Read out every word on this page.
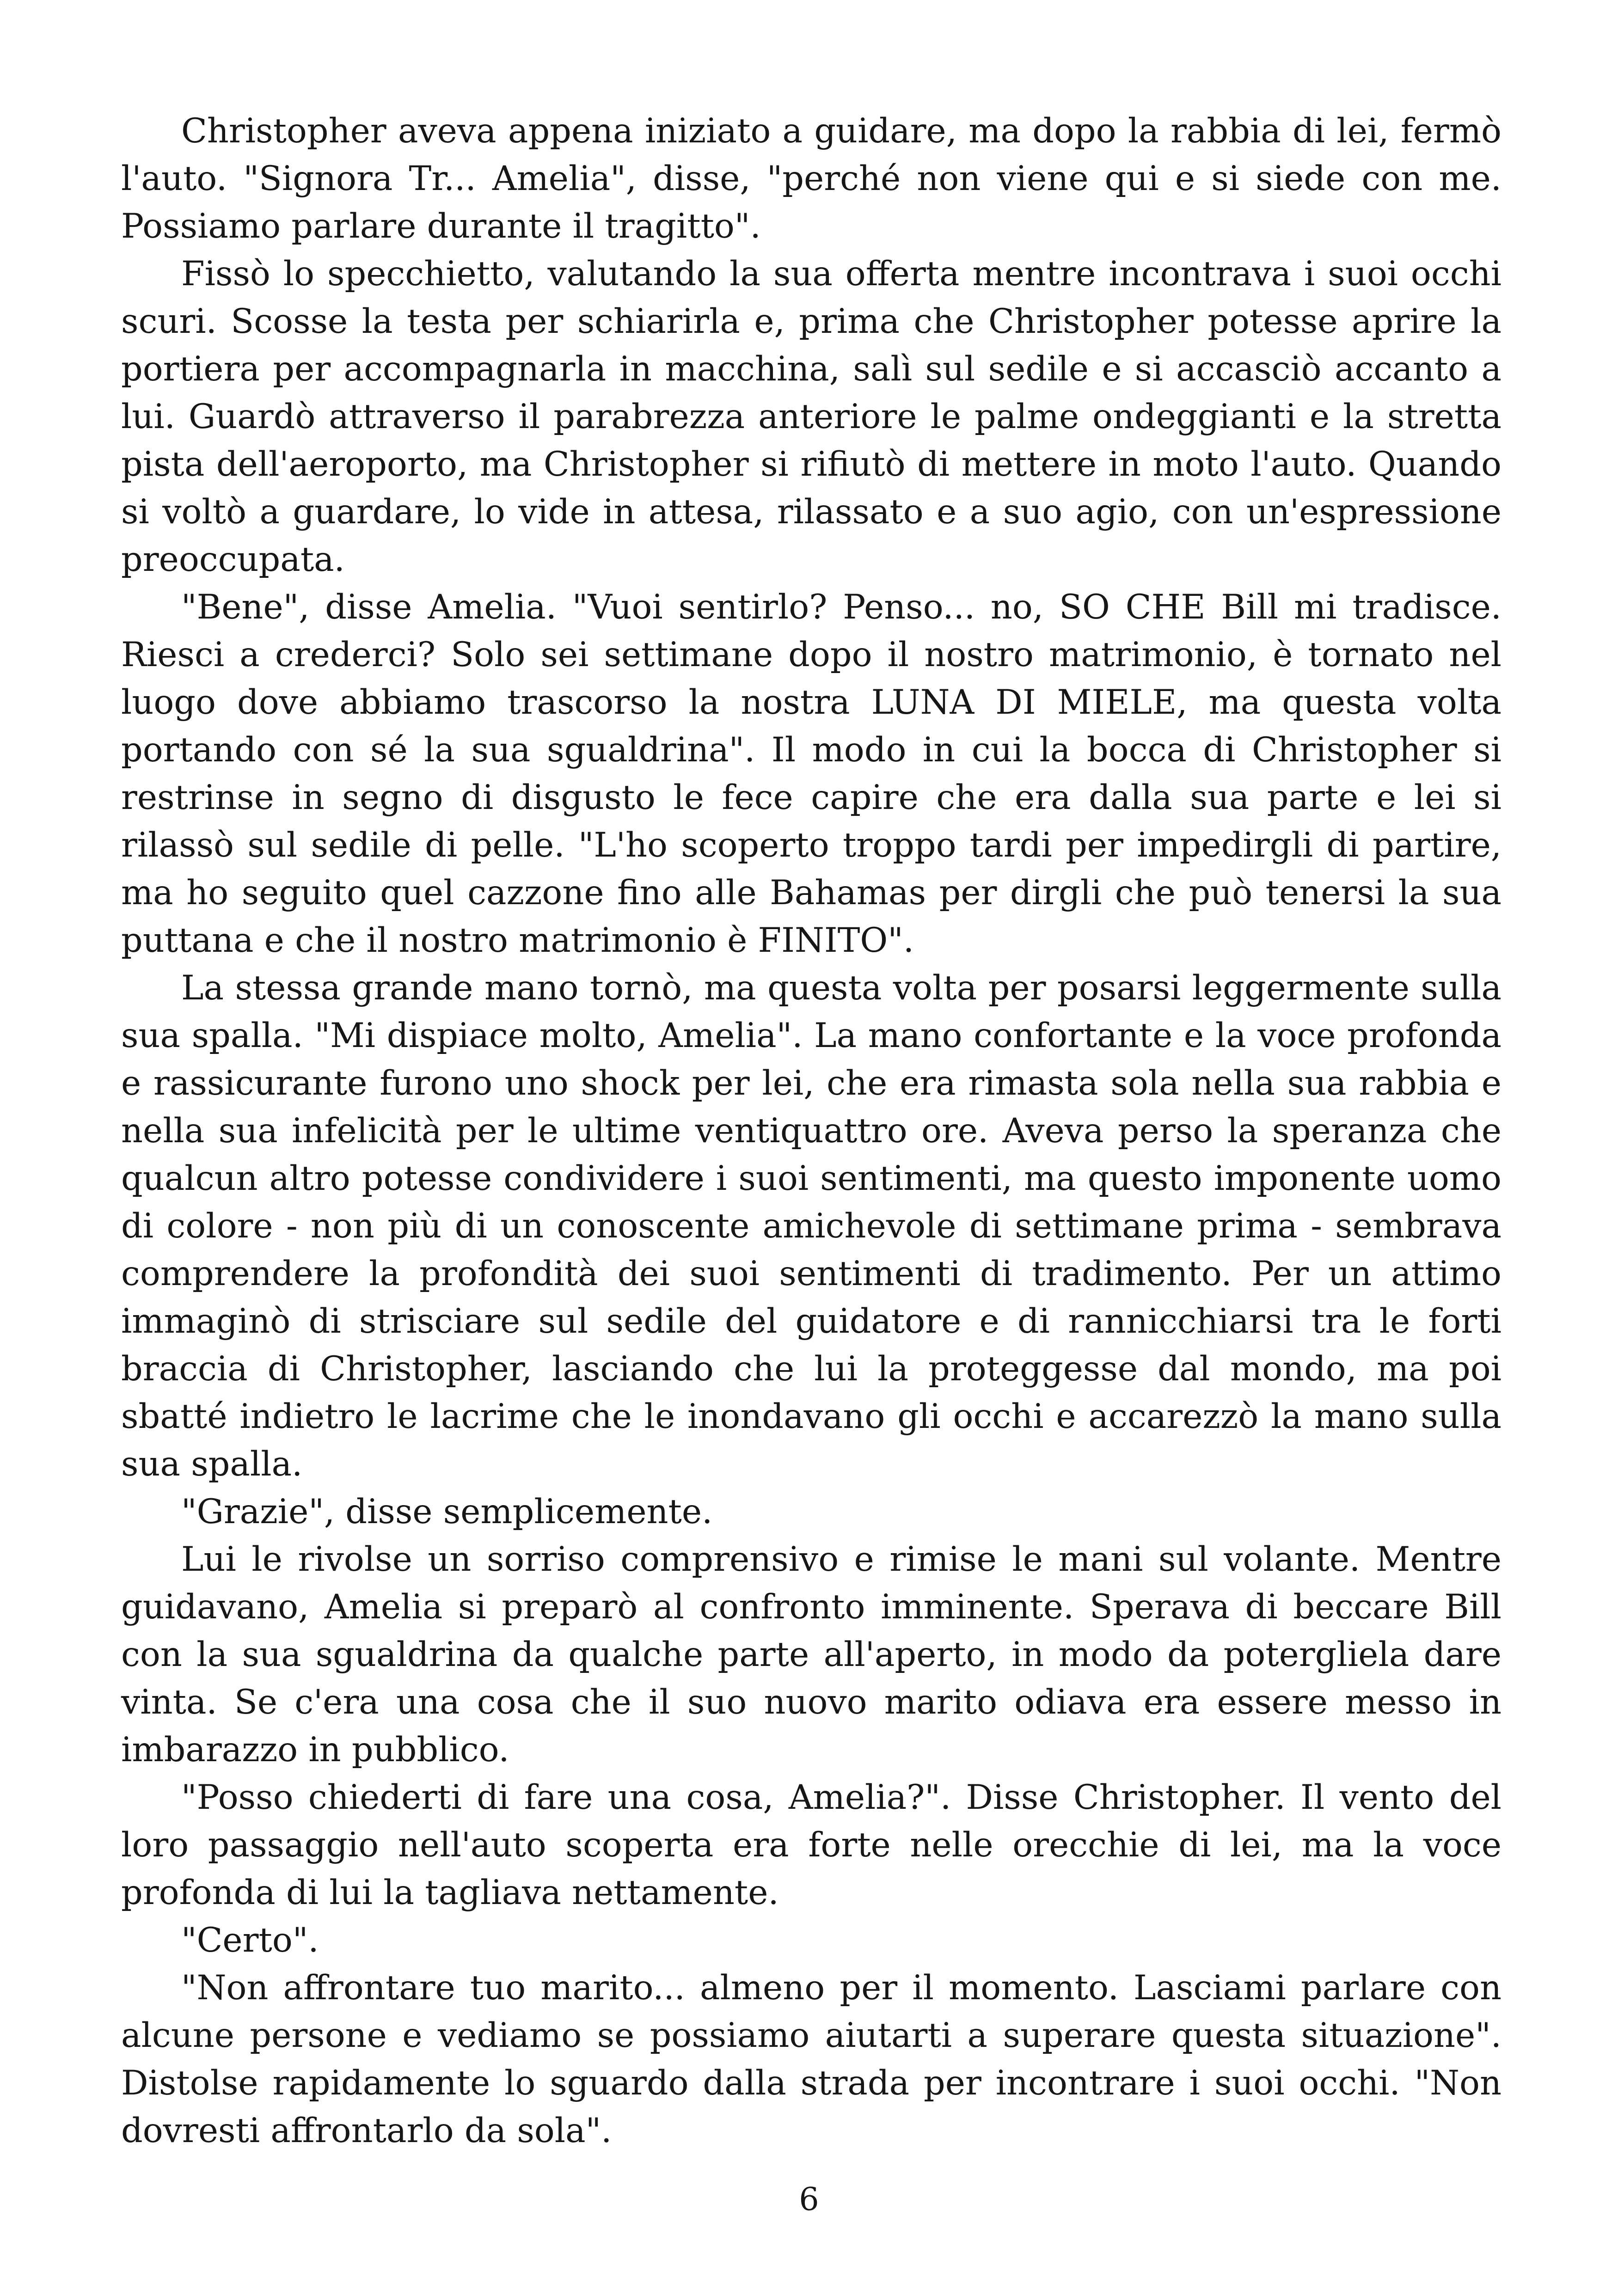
Christopher aveva appena iniziato a guidare, ma dopo la rabbia di lei, fermò l'auto. "Signora Tr... Amelia", disse, "perché non viene qui e si siede con me. Possiamo parlare durante il tragitto".

Fissò lo specchietto, valutando la sua offerta mentre incontrava i suoi occhi scuri. Scosse la testa per schiarirla e, prima che Christopher potesse aprire la portiera per accompagnarla in macchina, salì sul sedile e si accasciò accanto a lui. Guardò attraverso il parabrezza anteriore le palme ondeggianti e la stretta pista dell'aeroporto, ma Christopher si rifiutò di mettere in moto l'auto. Quando si voltò a guardare, lo vide in attesa, rilassato e a suo agio, con un'espressione preoccupata.

"Bene", disse Amelia. "Vuoi sentirlo? Penso... no, SO CHE Bill mi tradisce. Riesci a crederci? Solo sei settimane dopo il nostro matrimonio, è tornato nel luogo dove abbiamo trascorso la nostra LUNA DI MIELE, ma questa volta portando con sé la sua sgualdrina". Il modo in cui la bocca di Christopher si restrinse in segno di disgusto le fece capire che era dalla sua parte e lei si rilassò sul sedile di pelle. "L'ho scoperto troppo tardi per impedirgli di partire, ma ho seguito quel cazzone fino alle Bahamas per dirgli che può tenersi la sua puttana e che il nostro matrimonio è FINITO".

La stessa grande mano tornò, ma questa volta per posarsi leggermente sulla sua spalla. "Mi dispiace molto, Amelia". La mano confortante e la voce profonda e rassicurante furono uno shock per lei, che era rimasta sola nella sua rabbia e nella sua infelicità per le ultime ventiquattro ore. Aveva perso la speranza che qualcun altro potesse condividere i suoi sentimenti, ma questo imponente uomo di colore - non più di un conoscente amichevole di settimane prima - sembrava comprendere la profondità dei suoi sentimenti di tradimento. Per un attimo immaginò di strisciare sul sedile del guidatore e di rannicchiarsi tra le forti braccia di Christopher, lasciando che lui la proteggesse dal mondo, ma poi sbatté indietro le lacrime che le inondavano gli occhi e accarezzò la mano sulla sua spalla.

"Grazie", disse semplicemente.

Lui le rivolse un sorriso comprensivo e rimise le mani sul volante. Mentre guidavano, Amelia si preparò al confronto imminente. Sperava di beccare Bill con la sua sgualdrina da qualche parte all'aperto, in modo da potergliela dare vinta. Se c'era una cosa che il suo nuovo marito odiava era essere messo in imbarazzo in pubblico.

"Posso chiederti di fare una cosa, Amelia?". Disse Christopher. Il vento del loro passaggio nell'auto scoperta era forte nelle orecchie di lei, ma la voce profonda di lui la tagliava nettamente.

"Certo".

"Non affrontare tuo marito... almeno per il momento. Lasciami parlare con alcune persone e vediamo se possiamo aiutarti a superare questa situazione". Distolse rapidamente lo sguardo dalla strada per incontrare i suoi occhi. "Non dovresti affrontarlo da sola".

6
